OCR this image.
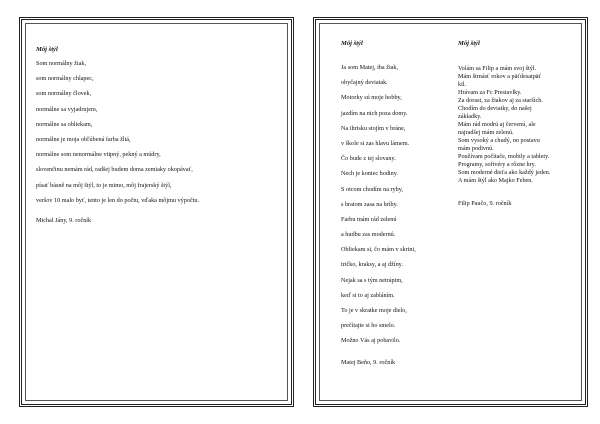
Môj štýl
Som normálny žiak,
som normálny chlapec,
som normálny človek,
normálne sa vyjadrujem,
normálne sa obliekam,
normálne je moja obľúbená farba žltá,
normálne som nenormálne vtipný, pekný a múdry,
slovenčinu nemám rád, radšej budem doma zemiaky okopávať,
písať básně na môj štýl, to je mimo, môj frajerský štýl,
veršov 10 malo byť, tento je len do počtu, vďaka môjmu výpočtu.
Michal Jány, 9. ročník
Môj štýl
Ja som Matej, iba žiak,
obyčajný deviatak.
Motorky sú moje hobby,
jazdím na nich poza domy.
Na ihrisku stojím v bráne,
v škole si zas hlavu lámem.
Čo bude z tej slovany.
Nech je koniec hodiny.
S otcom chodím na ryby,
s bratom zasa na hríby.
Farbu mám rád zelenú
a hudbu zas modernú.
Obliekam si, čo mám v skrini,
tričko, kraksy, a aj džíny.
Nejak sa s tým netrápim,
keď si to aj zabláním.
To je v skratke moje dielo,
prečítajte si ho smelo.
Možno Vás aj pobavilo.
Matej Beňo, 9. ročník
Môj štýl
Volám sa Filip a mám svoj štýl.
Mám štrnásť rokov a päťdesatpäť
kil.
Hrávam za Fc Prestavlky.
Za dorast, za žiakov aj za starších.
Chodím do deviatky, do našej
základky.
Mám rád modrú aj červenú, ale
najradšej mám zelenú.
Som vysoký a chudý, no postavu
mám podivnú.
Používam počítače, mobily a tablety.
Programy, softvéry a rôzne hry.
Som moderné dieťa ako každý jeden.
A mám štýl ako Majko Feben.
Filip Paučo, 9. ročník
